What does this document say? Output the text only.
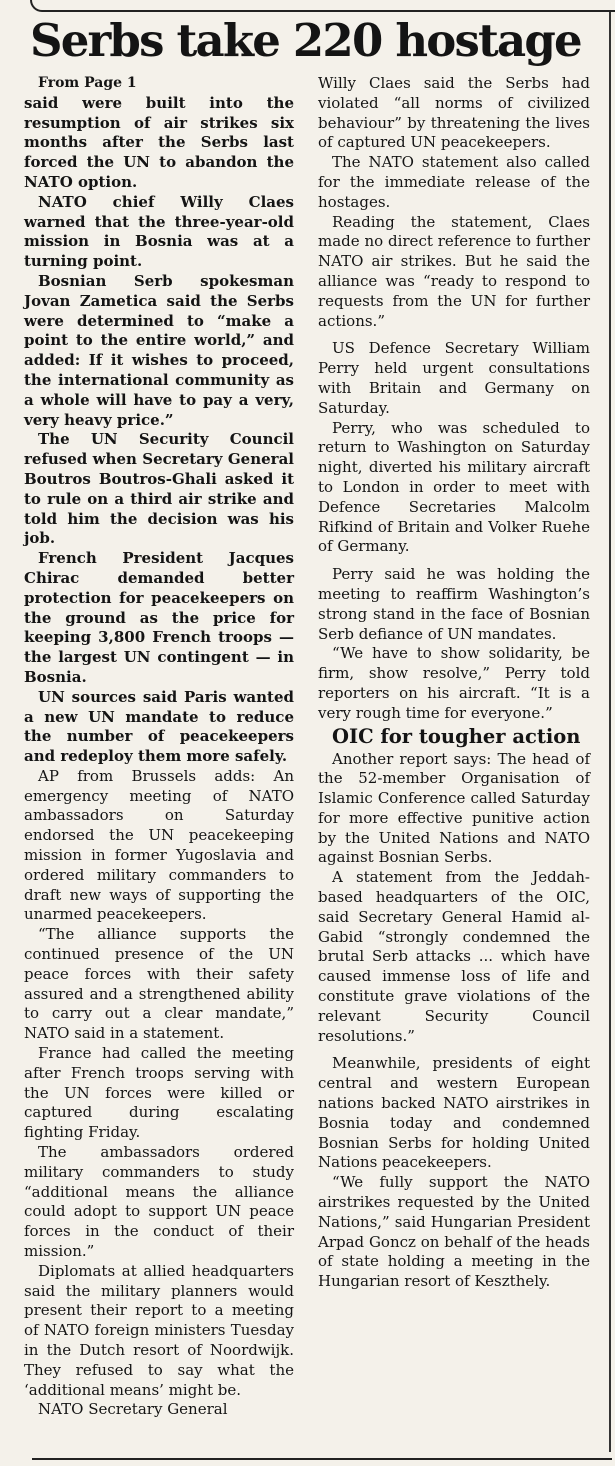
Serbs take 220 hostage

From Page 1

said were built into the resumption of air strikes six months after the Serbs last forced the UN to abandon the NATO option.

NATO chief Willy Claes warned that the three-year-old mission in Bosnia was at a turning point.

Bosnian Serb spokesman Jovan Zametica said the Serbs were determined to “make a point to the entire world,” and added: If it wishes to proceed, the international community as a whole will have to pay a very, very heavy price.”

The UN Security Council refused when Secretary General Boutros Boutros-Ghali asked it to rule on a third air strike and told him the decision was his job.

French President Jacques Chirac demanded better protection for peacekeepers on the ground as the price for keeping 3,800 French troops —the largest UN contingent — in Bosnia.

UN sources said Paris wanted a new UN mandate to reduce the number of peacekeepers and redeploy them more safely.

AP from Brussels adds: An emergency meeting of NATO ambassadors on Saturday endorsed the UN peacekeeping mission in former Yugoslavia and ordered military commanders to draft new ways of supporting the unarmed peacekeepers.

“The alliance supports the continued presence of the UN peace forces with their safety assured and a strengthened ability to carry out a clear mandate,” NATO said in a statement.

France had called the meeting after French troops serving with the UN forces were killed or captured during escalating fighting Friday.

The ambassadors ordered military commanders to study “additional means the alliance could adopt to support UN peace forces in the conduct of their mission.”

Diplomats at allied headquarters said the military planners would present their report to a meeting of NATO foreign ministers Tuesday in the Dutch resort of Noordwijk. They refused to say what the ‘additional means’ might be.

NATO Secretary General

Willy Claes said the Serbs had violated “all norms of civilized behaviour” by threatening the lives of captured UN peacekeepers.

The NATO statement also called for the immediate release of the hostages.

Reading the statement, Claes made no direct reference to further NATO air strikes. But he said the alliance was “ready to respond to requests from the UN for further actions.”

US Defence Secretary William Perry held urgent consultations with Britain and Germany on Saturday.

Perry, who was scheduled to return to Washington on Saturday night, diverted his military aircraft to London in order to meet with Defence Secretaries Malcolm Rifkind of Britain and Volker Ruehe of Germany.

Perry said he was holding the meeting to reaffirm Washington’s strong stand in the face of Bosnian Serb defiance of UN mandates.

“We have to show solidarity, be firm, show resolve,” Perry told reporters on his aircraft. “It is a very rough time for everyone.”

OIC for tougher action

Another report says: The head of the 52-member Organisation of Islamic Conference called Saturday for more effective punitive action by the United Nations and NATO against Bosnian Serbs.

A statement from the Jeddah-based headquarters of the OIC, said Secretary General Hamid al-Gabid “strongly condemned the brutal Serb attacks ... which have caused immense loss of life and constitute grave violations of the relevant Security Council resolutions.”

Meanwhile, presidents of eight central and western European nations backed NATO airstrikes in Bosnia today and condemned Bosnian Serbs for holding United Nations peacekeepers.

“We fully support the NATO airstrikes requested by the United Nations,” said Hungarian President Arpad Goncz on behalf of the heads of state holding a meeting in the Hungarian resort of Keszthely.
